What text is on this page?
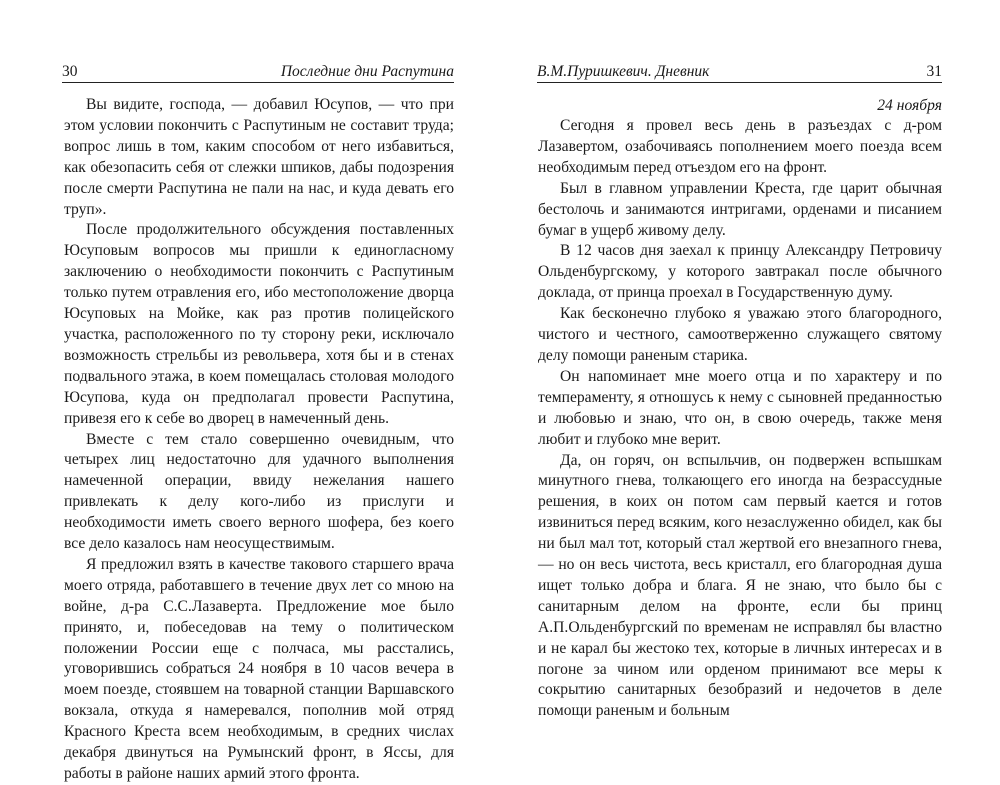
30	Последние дни Распутина

Вы видите, господа, — добавил Юсупов, — что при этом условии покончить с Распутиным не составит труда; вопрос лишь в том, каким способом от него избавиться, как обезопасить себя от слежки шпиков, дабы подозрения после смерти Распутина не пали на нас, и куда девать его труп».

После продолжительного обсуждения поставленных Юсуповым вопросов мы пришли к единогласному заключению о необходимости покончить с Распутиным только путем отравления его, ибо местоположение дворца Юсуповых на Мойке, как раз против полицейского участка, расположенного по ту сторону реки, исключало возможность стрельбы из револьвера, хотя бы и в стенах подвального этажа, в коем помещалась столовая молодого Юсупова, куда он предполагал провести Распутина, привезя его к себе во дворец в намеченный день.

Вместе с тем стало совершенно очевидным, что четырех лиц недостаточно для удачного выполнения намеченной операции, ввиду нежелания нашего привлекать к делу кого-либо из прислуги и необходимости иметь своего верного шофера, без коего все дело казалось нам неосуществимым.

Я предложил взять в качестве такового старшего врача моего отряда, работавшего в течение двух лет со мною на войне, д-ра С.С.Лазаверта. Предложение мое было принято, и, побеседовав на тему о политическом положении России еще с полчаса, мы расстались, уговорившись собраться 24 ноября в 10 часов вечера в моем поезде, стоявшем на товарной станции Варшавского вокзала, откуда я намеревался, пополнив мой отряд Красного Креста всем необходимым, в средних числах декабря двинуться на Румынский фронт, в Яссы, для работы в районе наших армий этого фронта.

В.М.Пуришкевич. Дневник	31

24 ноября

Сегодня я провел весь день в разъездах с д-ром Лазавертом, озабочиваясь пополнением моего поезда всем необходимым перед отъездом его на фронт.

Был в главном управлении Креста, где царит обычная бестолочь и занимаются интригами, орденами и писанием бумаг в ущерб живому делу.

В 12 часов дня заехал к принцу Александру Петровичу Ольденбургскому, у которого завтракал после обычного доклада, от принца проехал в Государственную думу.

Как бесконечно глубоко я уважаю этого благородного, чистого и честного, самоотверженно служащего святому делу помощи раненым старика.

Он напоминает мне моего отца и по характеру и по темпераменту, я отношусь к нему с сыновней преданностью и любовью и знаю, что он, в свою очередь, также меня любит и глубоко мне верит.

Да, он горяч, он вспыльчив, он подвержен вспышкам минутного гнева, толкающего его иногда на безрассудные решения, в коих он потом сам первый кается и готов извиниться перед всяким, кого незаслуженно обидел, как бы ни был мал тот, который стал жертвой его внезапного гнева, — но он весь чистота, весь кристалл, его благородная душа ищет только добра и блага. Я не знаю, что было бы с санитарным делом на фронте, если бы принц А.П.Ольденбургский по временам не исправлял бы властно и не карал бы жестоко тех, которые в личных интересах и в погоне за чином или орденом принимают все меры к сокрытию санитарных безобразий и недочетов в деле помощи раненым и больным
